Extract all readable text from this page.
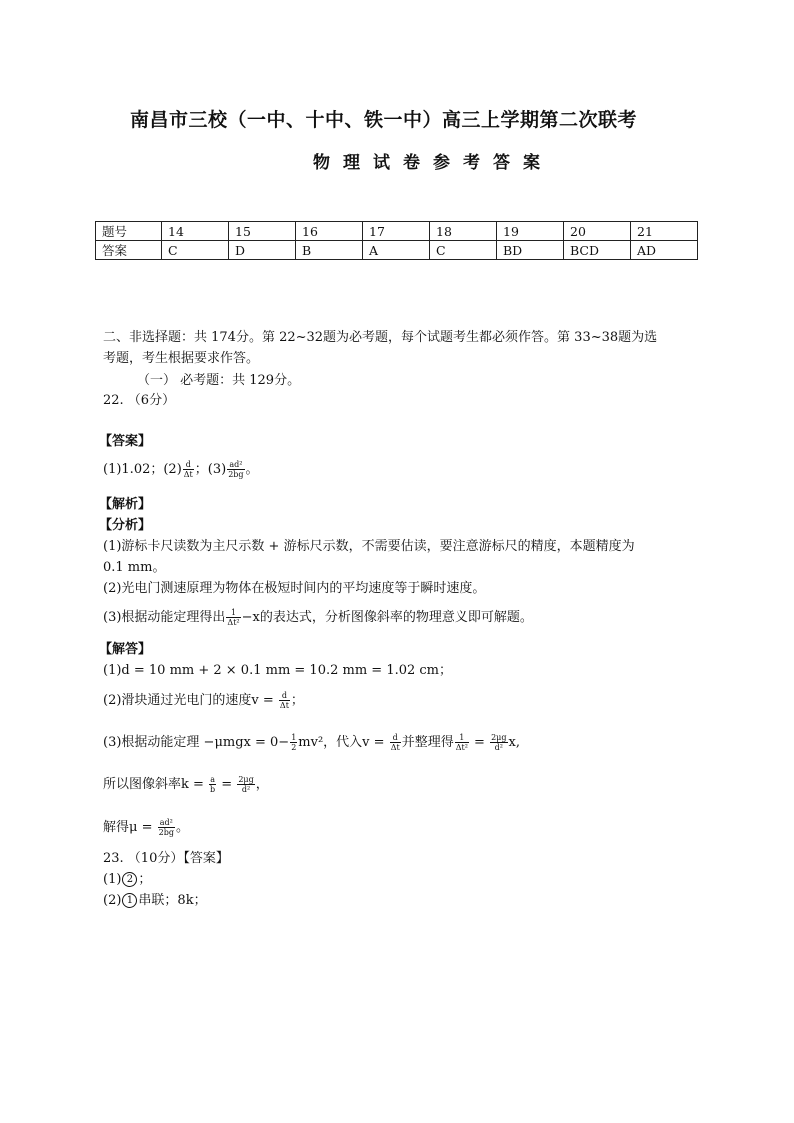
南昌市三校（一中、十中、铁一中）高三上学期第二次联考
物理试卷参考答案
题号	14	15	16	17	18	19	20	21
答案	C	D	B	A	C	BD	BCD	AD
二、非选择题：共 174分。第 22~32题为必考题，每个试题考生都必须作答。第 33~38题为选
考题，考生根据要求作答。
（一） 必考题：共 129分。
22. （6分）
【答案】
(1)1.02；$(2) \frac{d}{\Delta t}$ ；$(3) \frac{\text{ad²}}{2bg}$ 。
【解析】
【分析】
(1)游标卡尺读数为主尺示数 + 游标尺示数，不需要估读，要注意游标尺的精度，本题精度为
0.1 mm。
(2)光电门测速原理为物体在极短时间内的平均速度等于瞬时速度。
(3)根据动能定理得出 $\frac{1}{\text{Δt²}} -x$的表达式，分析图像斜率的物理意义即可解题。
【解答】
(1)d = 10 mm + 2 × 0.1 mm = 10.2 mm = 1.02 cm；
(2)滑块通过光电门的速度$v = \frac{d}{\Delta t}$ ；
(3)根据动能定理 $-\mu mgx = 0- \frac{1}{2} mv^2$，代入$v = \frac{d}{\Delta t}$ 并整理得 $\frac{1}{\text{Δt²}} = \frac{2\mu g}{\text{d²}} x$,
所以图像斜率$k = \frac{a}{b} = \frac{2\mu g}{\text{d²}}$ ，
解得$\mu = \frac{\text{ad²}}{2bg}$ 。
23. （10分）【答案】
(1) 2 ；
(2) 1 串联；8k；
